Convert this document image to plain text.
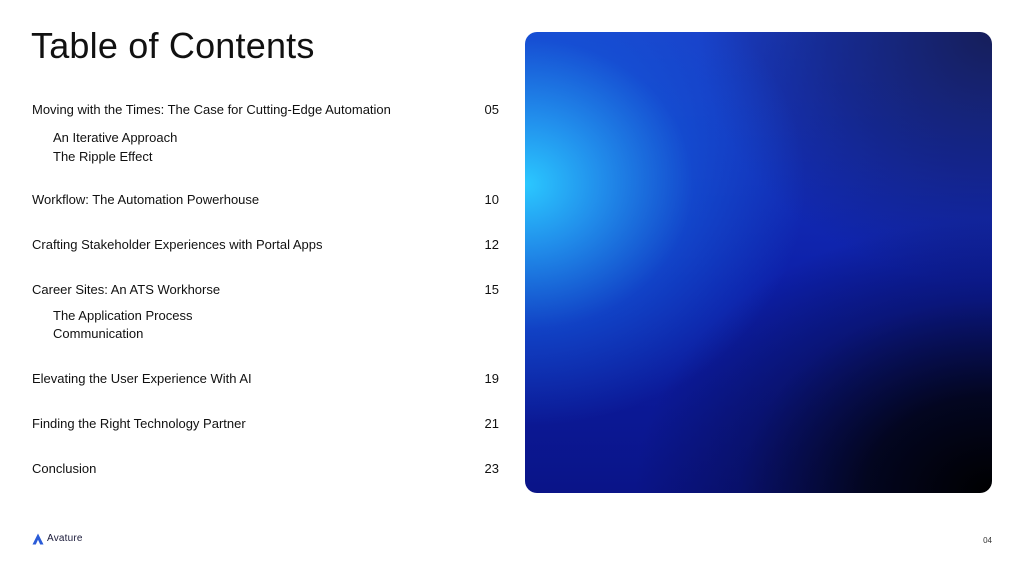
Table of Contents
Moving with the Times: The Case for Cutting-Edge Automation	05
An Iterative Approach
The Ripple Effect
Workflow: The Automation Powerhouse	10
Crafting Stakeholder Experiences with Portal Apps	12
Career Sites: An ATS Workhorse	15
The Application Process
Communication
Elevating the User Experience With AI	19
Finding the Right Technology Partner	21
Conclusion	23
Avature	04
